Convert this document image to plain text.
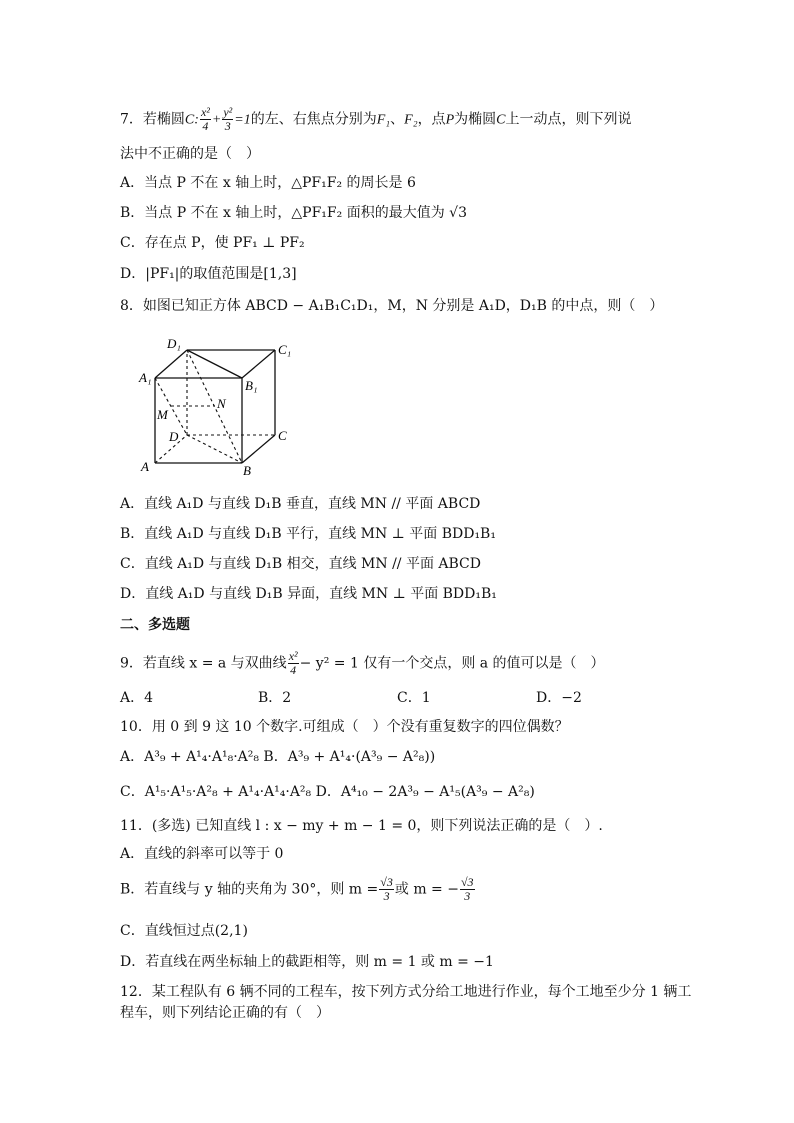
7．若椭圆C: $\frac{\text{x²}}{4} + \frac{\text{y²}}{3} =1$的左、右焦点分别为F₁、F₂，点P为椭圆C上一动点，则下列说
法中不正确的是（　）
A．当点 P 不在 x 轴上时，△PF₁F₂ 的周长是 6
B．当点 P 不在 x 轴上时，△PF₁F₂ 面积的最大值为 √3
C．存在点 P，使 PF₁ ⊥ PF₂
D．|PF₁|的取值范围是[1,3]
8．如图已知正方体 ABCD − A₁B₁C₁D₁，M，N 分别是 A₁D，D₁B 的中点，则（　）
D₁	C₁
A₁
B₁
M
N
D	C
A	B
A．直线 A₁D 与直线 D₁B 垂直，直线 MN // 平面 ABCD
B．直线 A₁D 与直线 D₁B 平行，直线 MN ⊥ 平面 BDD₁B₁
C．直线 A₁D 与直线 D₁B 相交，直线 MN // 平面 ABCD
D．直线 A₁D 与直线 D₁B 异面，直线 MN ⊥ 平面 BDD₁B₁
二、多选题
9．若直线 x = a 与双曲线 $\frac{\text{x²}}{4} - y^2 = 1$ 仅有一个交点，则 a 的值可以是（　）
A．4	B．2	C．1	D．−2
10．用 0 到 9 这 10 个数字.可组成（　）个没有重复数字的四位偶数？
A．A³₉ + A¹₄·A¹₈·A²₈ B．A³₉ + A¹₄·(A³₉ − A²₈))
C．A¹₅·A¹₅·A²₈ + A¹₄·A¹₄·A²₈ D．A⁴₁₀ − 2A³₉ − A¹₅(A³₉ − A²₈)
11．(多选) 已知直线 l : x − my + m − 1 = 0，则下列说法正确的是（　）.
A．直线的斜率可以等于 0
B．若直线与 y 轴的夹角为 30°，则 $m = \frac{√3}{3}$ 或 m = − $\frac{√3}{3}$
C．直线恒过点(2,1)
D．若直线在两坐标轴上的截距相等，则 m = 1 或 m = −1
12．某工程队有 6 辆不同的工程车，按下列方式分给工地进行作业，每个工地至少分 1 辆工
程车，则下列结论正确的有（　）
